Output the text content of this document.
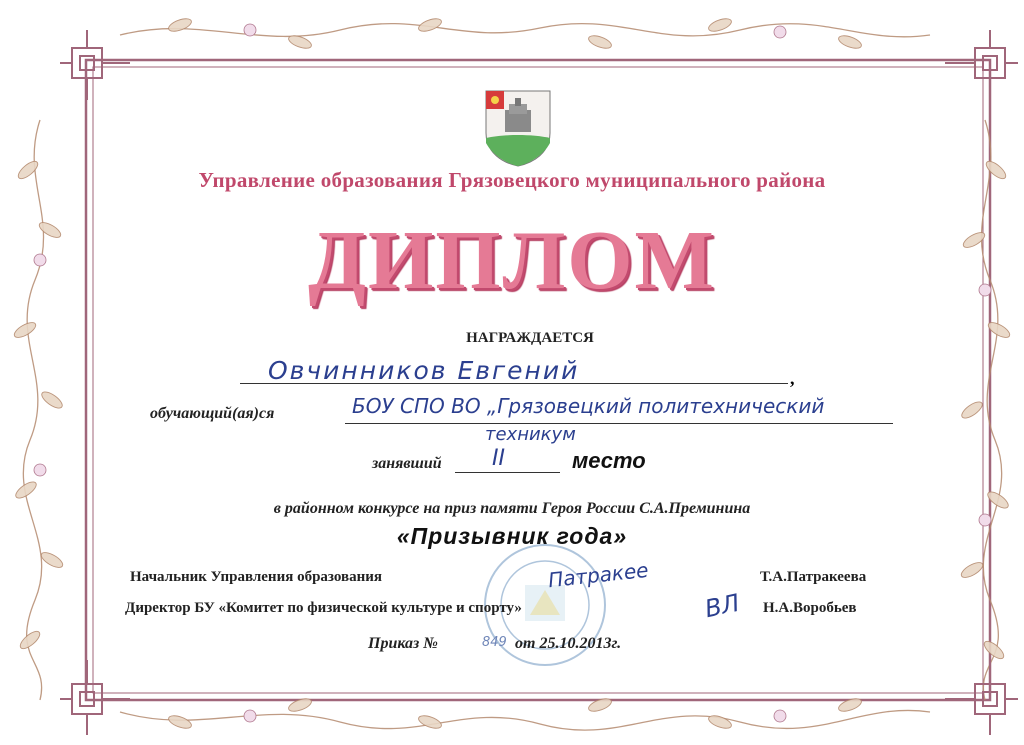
Управление образования Грязовецкого муниципального района
ДИПЛОМ
НАГРАЖДАЕТСЯ
,
Овчинников Евгений
обучающий(ая)ся	БОУ СПО ВО „Грязовецкий политехнический
техникум
занявший II	место
в районном конкурсе на приз памяти Героя России С.А.Преминина
«Призывник года»
Начальник Управления образования	Патракее	Т.А.Патракеева
Директор БУ «Комитет по физической культуре и спорту»	ВЛ Н.А.Воробьев
Приказ №	849 от 25.10.2013г.
